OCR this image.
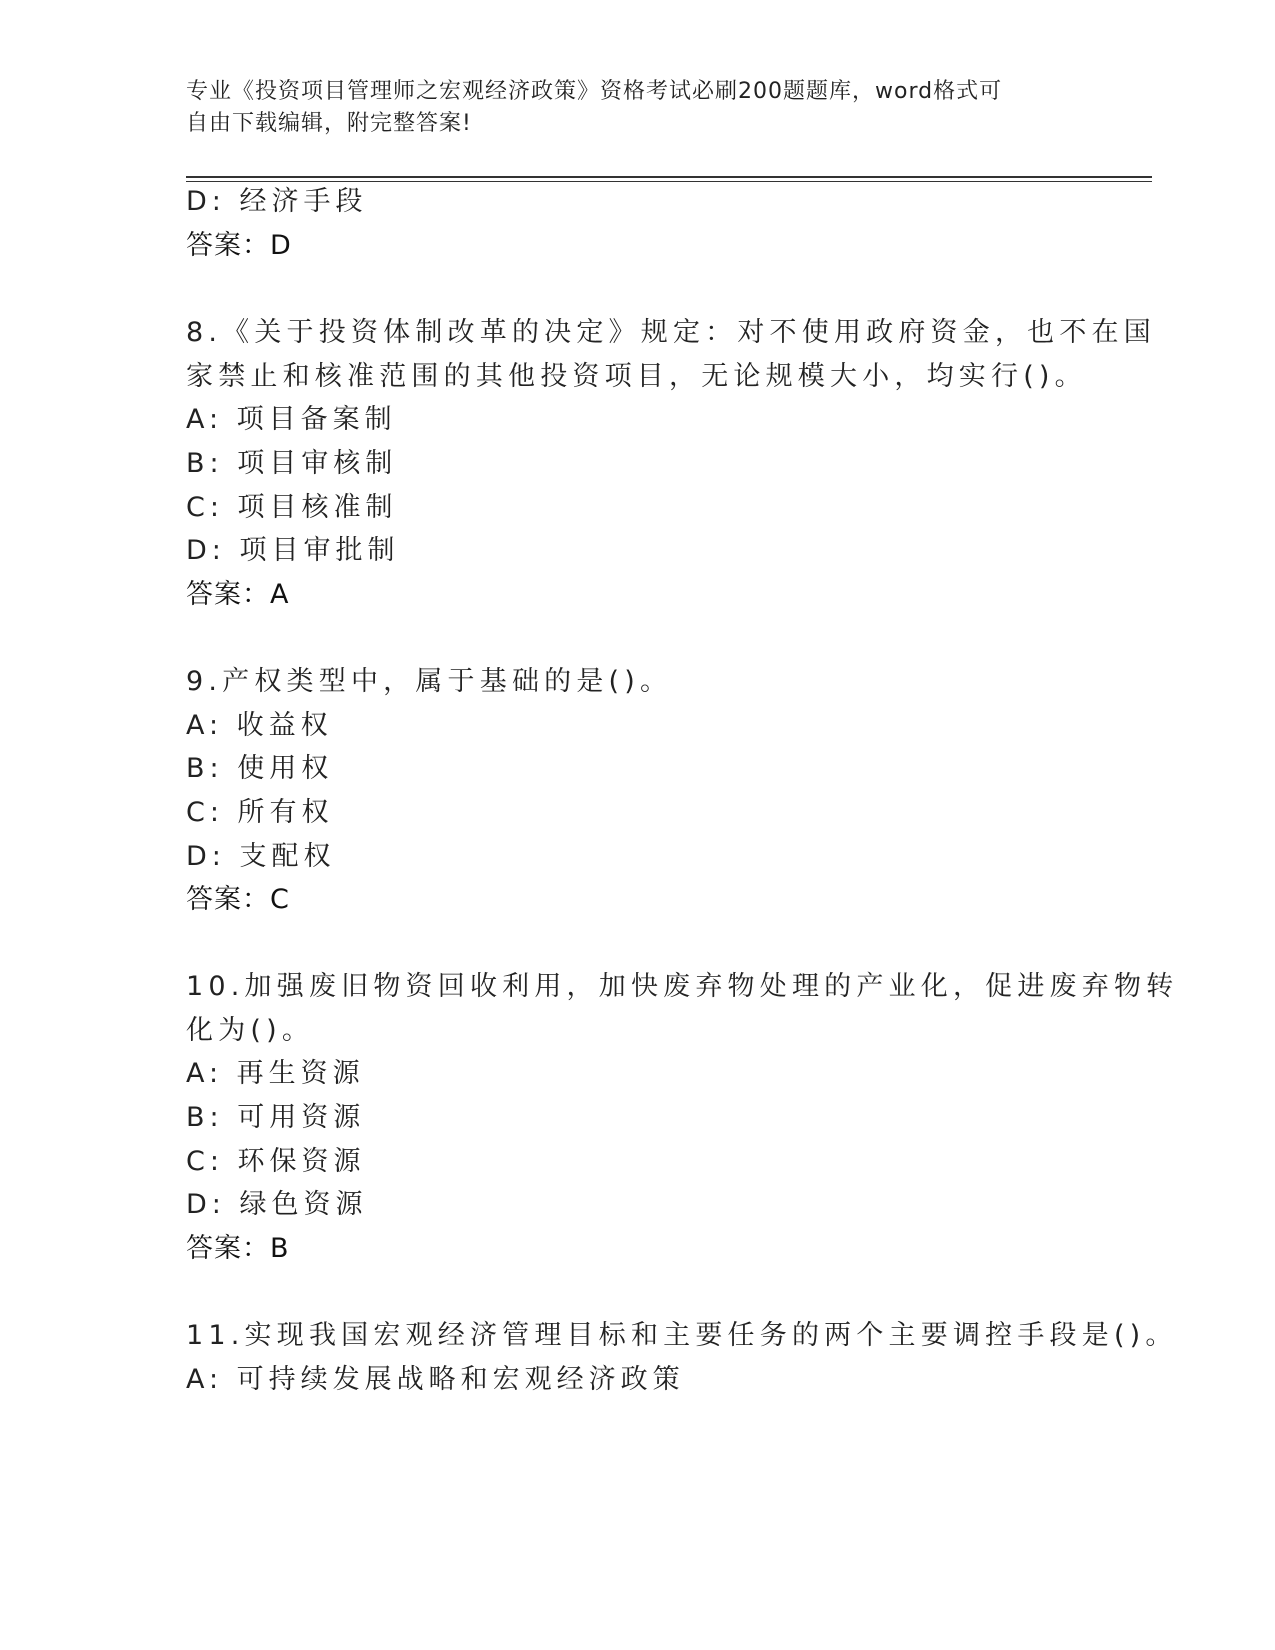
专业《投资项目管理师之宏观经济政策》资格考试必刷200题题库，word格式可
自由下载编辑，附完整答案!
D: 经济手段
答案：D
8.《关于投资体制改革的决定》规定：对不使用政府资金，也不在国
家禁止和核准范围的其他投资项目，无论规模大小，均实行()。
A: 项目备案制
B: 项目审核制
C: 项目核准制
D: 项目审批制
答案：A
9.产权类型中，属于基础的是()。
A: 收益权
B: 使用权
C: 所有权
D: 支配权
答案：C
10.加强废旧物资回收利用，加快废弃物处理的产业化，促进废弃物转
化为()。
A: 再生资源
B: 可用资源
C: 环保资源
D: 绿色资源
答案：B
11.实现我国宏观经济管理目标和主要任务的两个主要调控手段是()。
A: 可持续发展战略和宏观经济政策
